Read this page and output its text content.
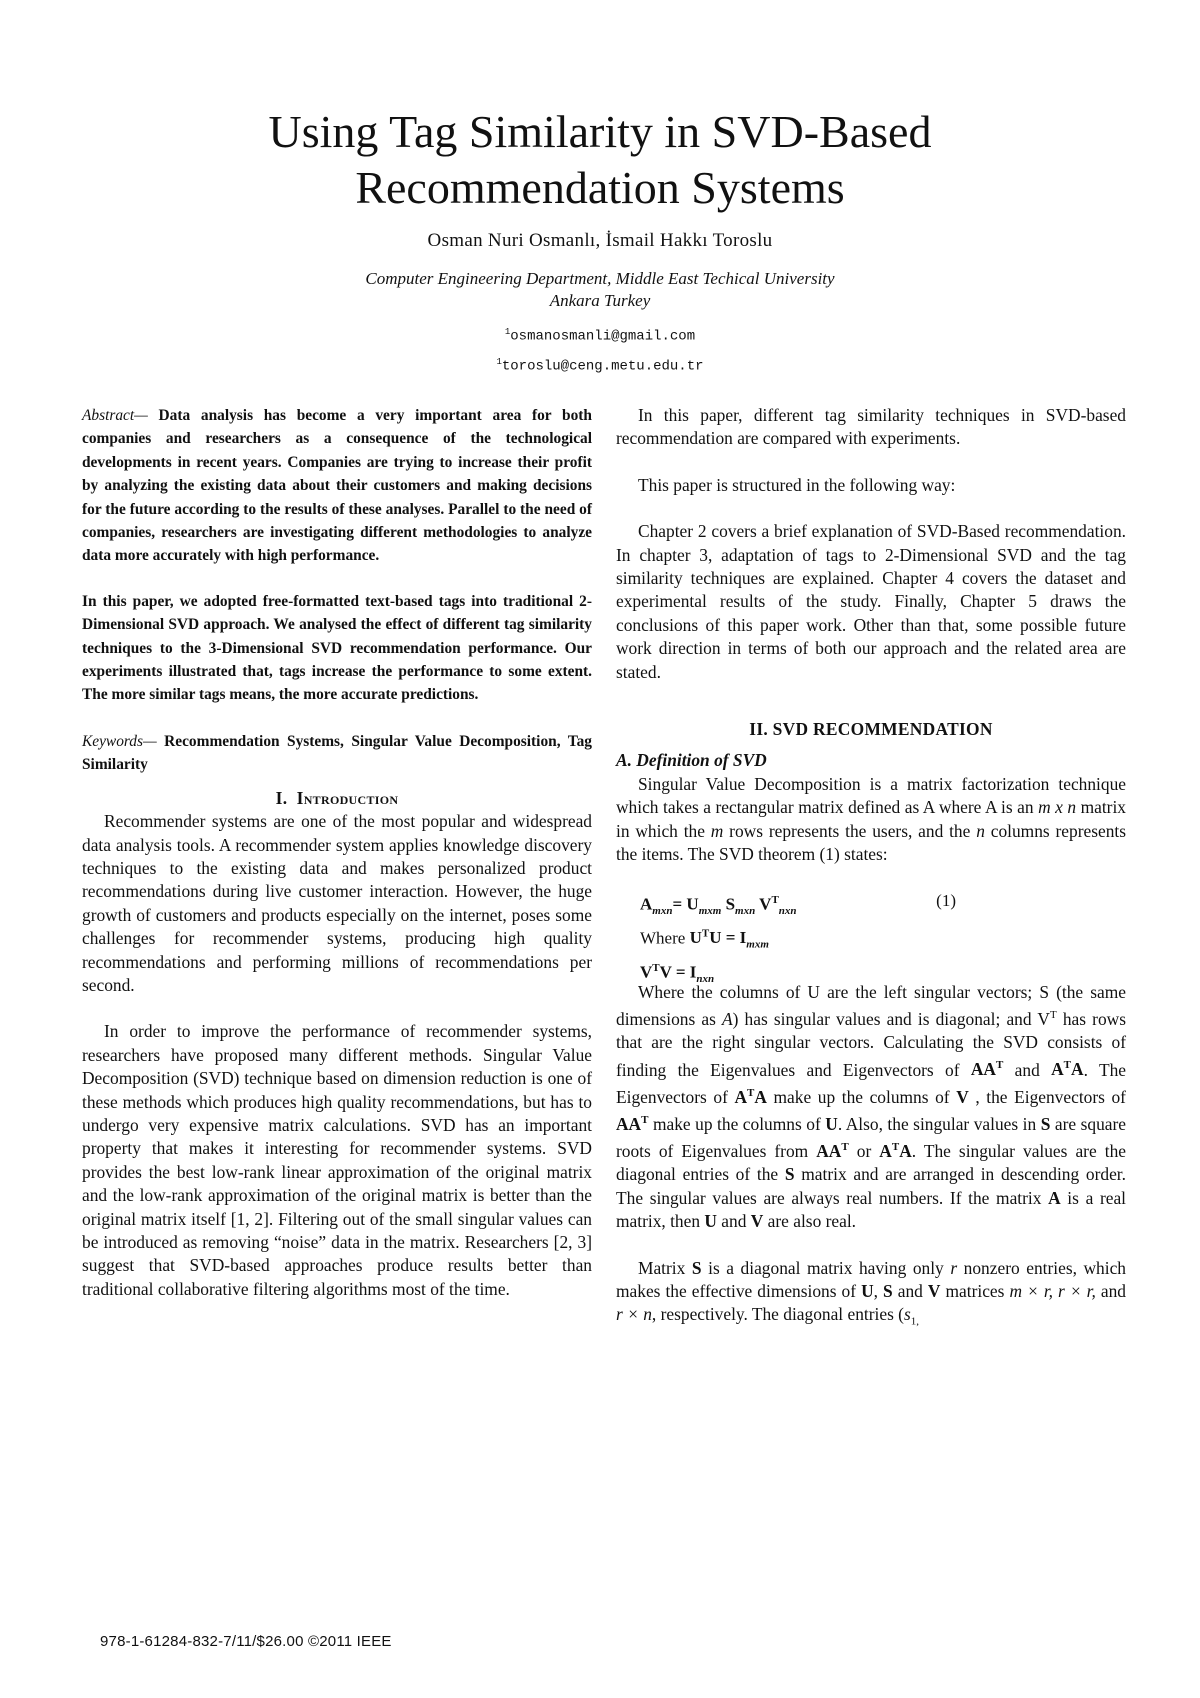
Using Tag Similarity in SVD-Based
Recommendation Systems
Osman Nuri Osmanlı, İsmail Hakkı Toroslu
Computer Engineering Department, Middle East Techical University
Ankara Turkey
$^1$osmanosmanli@gmail.com
$^1$toroslu@ceng.metu.edu.tr

Abstract— Data analysis has become a very important area for both companies and researchers as a consequence of the technological developments in recent years. Companies are trying to increase their profit by analyzing the existing data about their customers and making decisions for the future according to the results of these analyses. Parallel to the need of companies, researchers are investigating different methodologies to analyze data more accurately with high performance.

In this paper, we adopted free-formatted text-based tags into traditional 2-Dimensional SVD approach. We analysed the effect of different tag similarity techniques to the 3-Dimensional SVD recommendation performance. Our experiments illustrated that, tags increase the performance to some extent. The more similar tags means, the more accurate predictions.

Keywords— Recommendation Systems, Singular Value Decomposition, Tag Similarity

I. Introduction

Recommender systems are one of the most popular and widespread data analysis tools. A recommender system applies knowledge discovery techniques to the existing data and makes personalized product recommendations during live customer interaction. However, the huge growth of customers and products especially on the internet, poses some challenges for recommender systems, producing high quality recommendations and performing millions of recommendations per second.

In order to improve the performance of recommender systems, researchers have proposed many different methods. Singular Value Decomposition (SVD) technique based on dimension reduction is one of these methods which produces high quality recommendations, but has to undergo very expensive matrix calculations. SVD has an important property that makes it interesting for recommender systems. SVD provides the best low-rank linear approximation of the original matrix and the low-rank approximation of the original matrix is better than the original matrix itself [1, 2]. Filtering out of the small singular values can be introduced as removing “noise” data in the matrix. Researchers [2, 3] suggest that SVD-based approaches produce results better than traditional collaborative filtering algorithms most of the time.

In this paper, different tag similarity techniques in SVD-based recommendation are compared with experiments.

This paper is structured in the following way:

Chapter 2 covers a brief explanation of SVD-Based recommendation. In chapter 3, adaptation of tags to 2-Dimensional SVD and the tag similarity techniques are explained. Chapter 4 covers the dataset and experimental results of the study. Finally, Chapter 5 draws the conclusions of this paper work. Other than that, some possible future work direction in terms of both our approach and the related area are stated.

II. SVD RECOMMENDATION
A. Definition of SVD

Singular Value Decomposition is a matrix factorization technique which takes a rectangular matrix defined as A where A is an m x n matrix in which the m rows represents the users, and the n columns represents the items. The SVD theorem (1) states:

$A_{mxn}= U_{mxm}$ $S_{mxn}$ $V^T_{nxn}$
Where $U^TU = I_{mxm}$
$V^TV = I_{nxn}$
(1)

Where the columns of U are the left singular vectors; S (the same dimensions as A) has singular values and is diagonal; and $V^T$ has rows that are the right singular vectors. Calculating the SVD consists of finding the Eigenvalues and Eigenvectors of $AA^T$ and $A^TA$. The Eigenvectors of $A^TA$ make up the columns of V , the Eigenvectors of $AA^T$ make up the columns of U. Also, the singular values in S are square roots of Eigenvalues from $AA^T$ or $A^TA$. The singular values are the diagonal entries of the S matrix and are arranged in descending order. The singular values are always real numbers. If the matrix A is a real matrix, then U and V are also real.

Matrix S is a diagonal matrix having only r nonzero entries, which makes the effective dimensions of U, S and V matrices m × r, r × r, and r × n, respectively. The diagonal entries ($s_{1,}$

978-1-61284-832-7/11/$26.00 ©2011 IEEE
